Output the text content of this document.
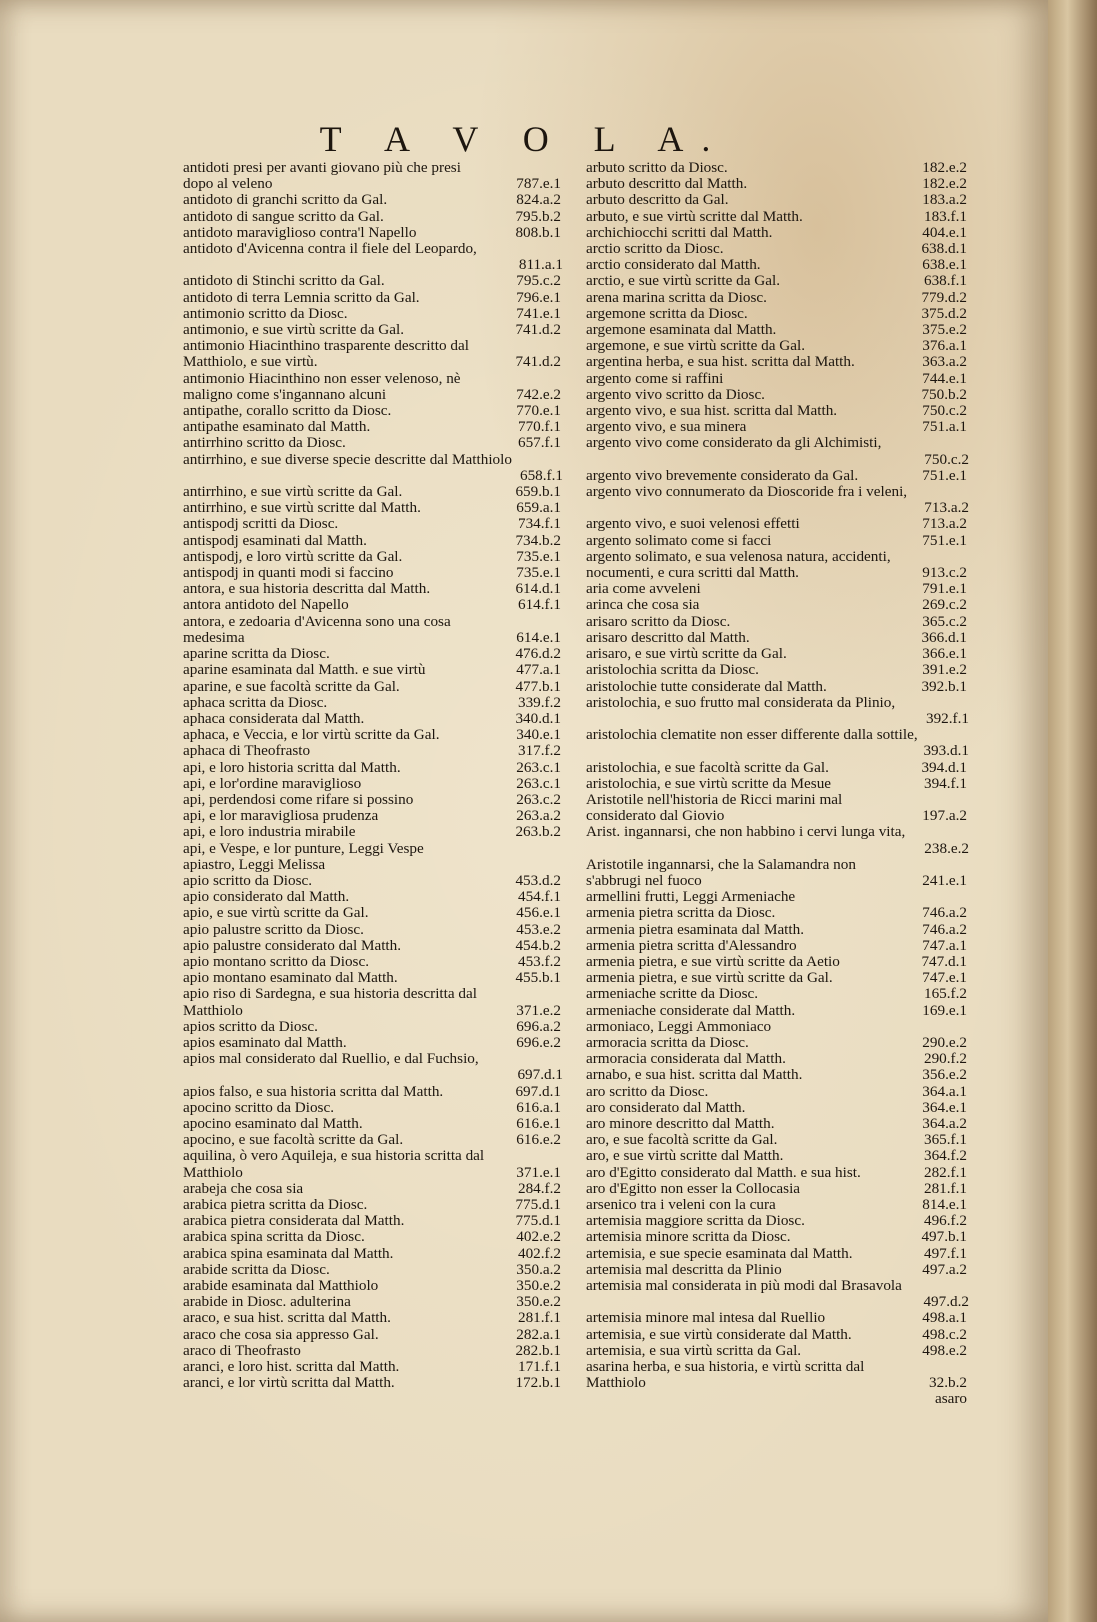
T A V O L A.
antidoti presi per avanti giovano più che presi dopo al veleno	787.e.1
antidoto di granchi scritto da Gal.	824.a.2
antidoto di sangue scritto da Gal.	795.b.2
antidoto maraviglioso contra'l Napello	808.b.1
antidoto d'Avicenna contra il fiele del Leopardo,
811.a.1
antidoto di Stinchi scritto da Gal.	795.c.2
antidoto di terra Lemnia scritto da Gal.	796.e.1
antimonio scritto da Diosc.	741.e.1
antimonio, e sue virtù scritte da Gal.	741.d.2
antimonio Hiacinthino trasparente descritto dal Matthiolo, e sue virtù.	741.d.2
antimonio Hiacinthino non esser velenoso, nè maligno come s'ingannano alcuni	742.e.2
antipathe, corallo scritto da Diosc.	770.e.1
antipathe esaminato dal Matth.	770.f.1
antirrhino scritto da Diosc.	657.f.1
antirrhino, e sue diverse specie descritte dal Matthiolo
658.f.1
antirrhino, e sue virtù scritte da Gal.	659.b.1
antirrhino, e sue virtù scritte dal Matth.	659.a.1
antispodj scritti da Diosc.	734.f.1
antispodj esaminati dal Matth.	734.b.2
antispodj, e loro virtù scritte da Gal.	735.e.1
antispodj in quanti modi si faccino	735.e.1
antora, e sua historia descritta dal Matth.	614.d.1
antora antidoto del Napello	614.f.1
antora, e zedoaria d'Avicenna sono una cosa medesima	614.e.1
aparine scritta da Diosc.	476.d.2
aparine esaminata dal Matth. e sue virtù	477.a.1
aparine, e sue facoltà scritte da Gal.	477.b.1
aphaca scritta da Diosc.	339.f.2
aphaca considerata dal Matth.	340.d.1
aphaca, e Veccia, e lor virtù scritte da Gal.	340.e.1
aphaca di Theofrasto	317.f.2
api, e loro historia scritta dal Matth.	263.c.1
api, e lor'ordine maraviglioso	263.c.1
api, perdendosi come rifare si possino	263.c.2
api, e lor maravigliosa prudenza	263.a.2
api, e loro industria mirabile	263.b.2
api, e Vespe, e lor punture, Leggi Vespe
apiastro, Leggi Melissa
apio scritto da Diosc.	453.d.2
apio considerato dal Matth.	454.f.1
apio, e sue virtù scritte da Gal.	456.e.1
apio palustre scritto da Diosc.	453.e.2
apio palustre considerato dal Matth.	454.b.2
apio montano scritto da Diosc.	453.f.2
apio montano esaminato dal Matth.	455.b.1
apio riso di Sardegna, e sua historia descritta dal Matthiolo	371.e.2
apios scritto da Diosc.	696.a.2
apios esaminato dal Matth.	696.e.2
apios mal considerato dal Ruellio, e dal Fuchsio,
697.d.1
apios falso, e sua historia scritta dal Matth.	697.d.1
apocino scritto da Diosc.	616.a.1
apocino esaminato dal Matth.	616.e.1
apocino, e sue facoltà scritte da Gal.	616.e.2
aquilina, ò vero Aquileja, e sua historia scritta dal Matthiolo	371.e.1
arabeja che cosa sia	284.f.2
arabica pietra scritta da Diosc.	775.d.1
arabica pietra considerata dal Matth.	775.d.1
arabica spina scritta da Diosc.	402.e.2
arabica spina esaminata dal Matth.	402.f.2
arabide scritta da Diosc.	350.a.2
arabide esaminata dal Matthiolo	350.e.2
arabide in Diosc. adulterina	350.e.2
araco, e sua hist. scritta dal Matth.	281.f.1
araco che cosa sia appresso Gal.	282.a.1
araco di Theofrasto	282.b.1
aranci, e loro hist. scritta dal Matth.	171.f.1
aranci, e lor virtù scritta dal Matth.	172.b.1
arbuto scritto da Diosc.	182.e.2
arbuto descritto dal Matth.	182.e.2
arbuto descritto da Gal.	183.a.2
arbuto, e sue virtù scritte dal Matth.	183.f.1
archichiocchi scritti dal Matth.	404.e.1
arctio scritto da Diosc.	638.d.1
arctio considerato dal Matth.	638.e.1
arctio, e sue virtù scritte da Gal.	638.f.1
arena marina scritta da Diosc.	779.d.2
argemone scritta da Diosc.	375.d.2
argemone esaminata dal Matth.	375.e.2
argemone, e sue virtù scritte da Gal.	376.a.1
argentina herba, e sua hist. scritta dal Matth.	363.a.2
argento come si raffini	744.e.1
argento vivo scritto da Diosc.	750.b.2
argento vivo, e sua hist. scritta dal Matth.	750.c.2
argento vivo, e sua minera	751.a.1
argento vivo come considerato da gli Alchimisti,
750.c.2
argento vivo brevemente considerato da Gal.	751.e.1
argento vivo connumerato da Dioscoride fra i veleni,
713.a.2
argento vivo, e suoi velenosi effetti	713.a.2
argento solimato come si facci	751.e.1
argento solimato, e sua velenosa natura, accidenti, nocumenti, e cura scritti dal Matth.	913.c.2
aria come avveleni	791.e.1
arinca che cosa sia	269.c.2
arisaro scritto da Diosc.	365.c.2
arisaro descritto dal Matth.	366.d.1
arisaro, e sue virtù scritte da Gal.	366.e.1
aristolochia scritta da Diosc.	391.e.2
aristolochie tutte considerate dal Matth.	392.b.1
aristolochia, e suo frutto mal considerata da Plinio,
392.f.1
aristolochia clematite non esser differente dalla sottile,
393.d.1
aristolochia, e sue facoltà scritte da Gal.	394.d.1
aristolochia, e sue virtù scritte da Mesue	394.f.1
Aristotile nell'historia de Ricci marini mal considerato dal Giovio	197.a.2
Arist. ingannarsi, che non habbino i cervi lunga vita,
238.e.2
Aristotile ingannarsi, che la Salamandra non s'abbrugi nel fuoco	241.e.1
armellini frutti, Leggi Armeniache
armenia pietra scritta da Diosc.	746.a.2
armenia pietra esaminata dal Matth.	746.a.2
armenia pietra scritta d'Alessandro	747.a.1
armenia pietra, e sue virtù scritte da Aetio	747.d.1
armenia pietra, e sue virtù scritte da Gal.	747.e.1
armeniache scritte da Diosc.	165.f.2
armeniache considerate dal Matth.	169.e.1
armoniaco, Leggi Ammoniaco
armoracia scritta da Diosc.	290.e.2
armoracia considerata dal Matth.	290.f.2
arnabo, e sua hist. scritta dal Matth.	356.e.2
aro scritto da Diosc.	364.a.1
aro considerato dal Matth.	364.e.1
aro minore descritto dal Matth.	364.a.2
aro, e sue facoltà scritte da Gal.	365.f.1
aro, e sue virtù scritte dal Matth.	364.f.2
aro d'Egitto considerato dal Matth. e sua hist.	282.f.1
aro d'Egitto non esser la Collocasia	281.f.1
arsenico tra i veleni con la cura	814.e.1
artemisia maggiore scritta da Diosc.	496.f.2
artemisia minore scritta da Diosc.	497.b.1
artemisia, e sue specie esaminata dal Matth.	497.f.1
artemisia mal descritta da Plinio	497.a.2
artemisia mal considerata in più modi dal Brasavola
497.d.2
artemisia minore mal intesa dal Ruellio	498.a.1
artemisia, e sue virtù considerate dal Matth.	498.c.2
artemisia, e sua virtù scritta da Gal.	498.e.2
asarina herba, e sua historia, e virtù scritta dal Matthiolo	32.b.2
asaro
